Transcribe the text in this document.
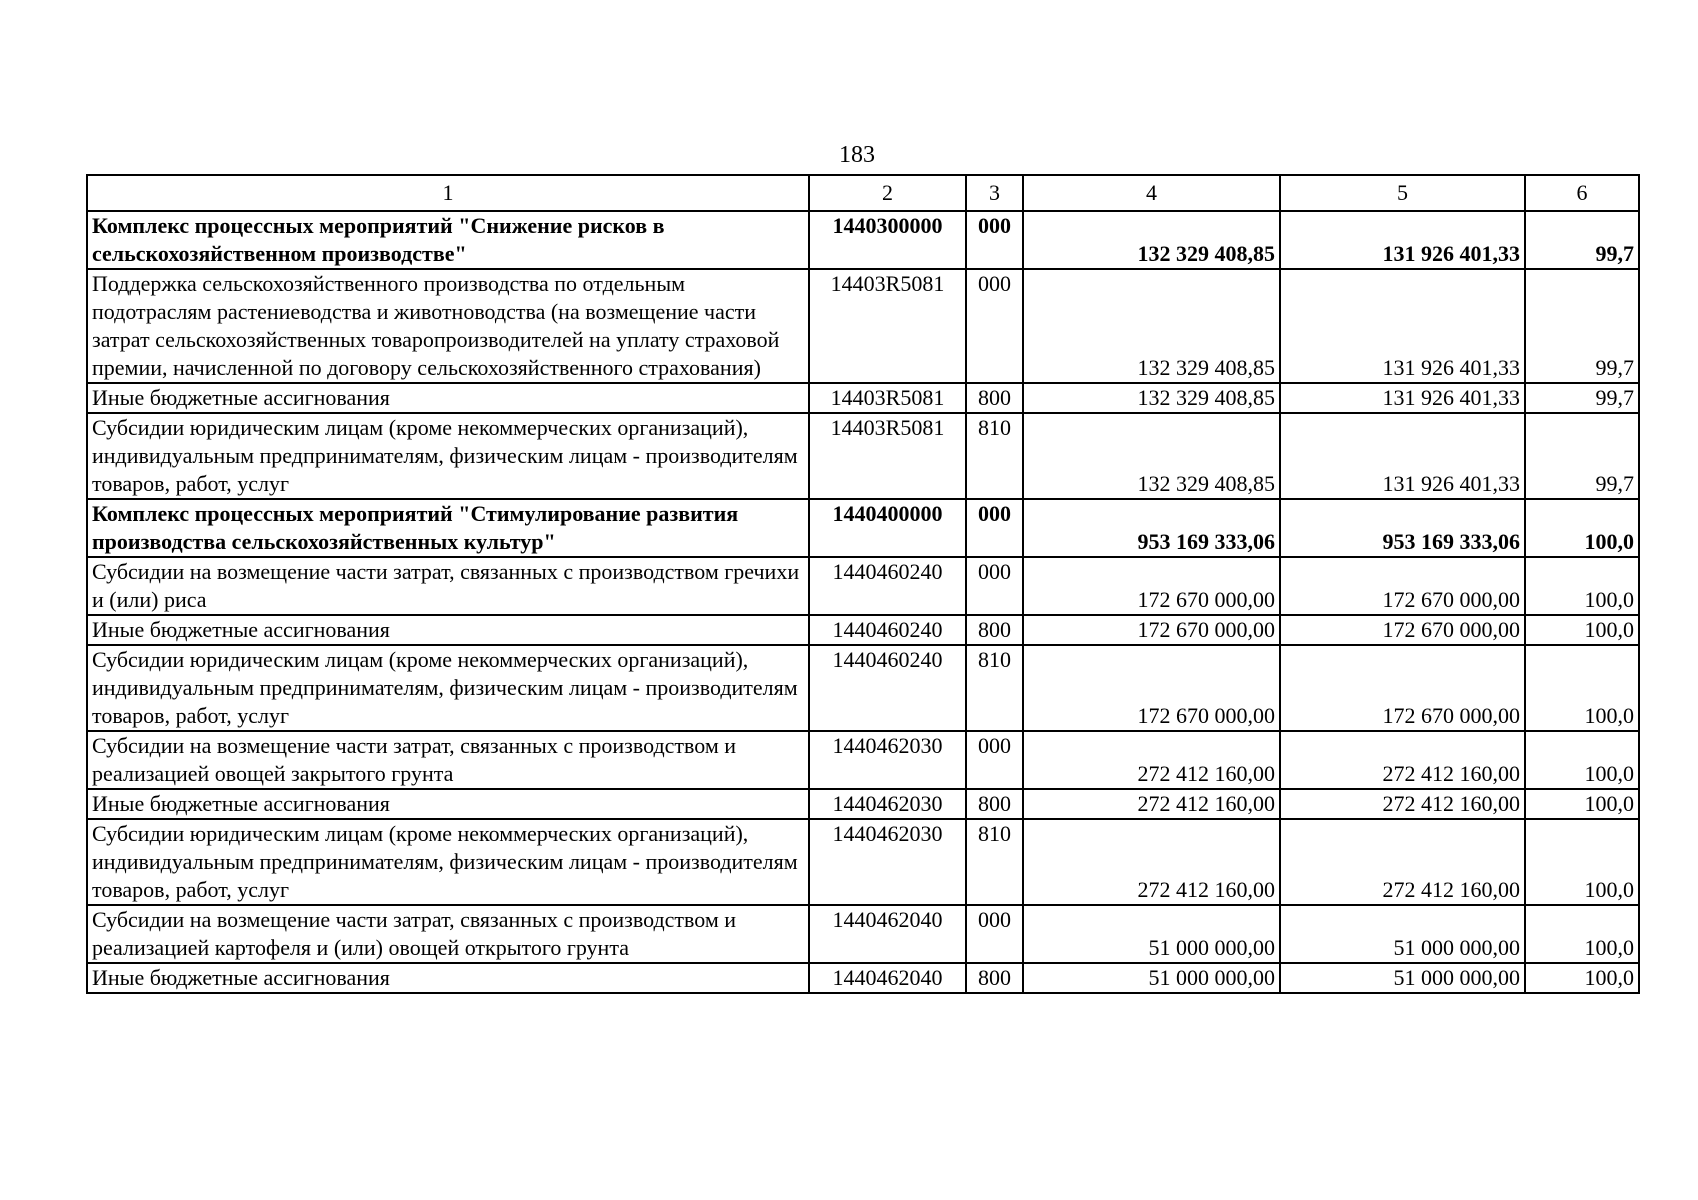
183
1	2	3	4	5	6
Комплекс процессных мероприятий "Снижение рисков в сельскохозяйственном производстве"	1440300000	000	132 329 408,85	131 926 401,33	99,7
Поддержка сельскохозяйственного производства по отдельным подотраслям растениеводства и животноводства (на возмещение части затрат сельскохозяйственных товаропроизводителей на уплату страховой премии, начисленной по договору сельскохозяйственного страхования)	14403R5081	000	132 329 408,85	131 926 401,33	99,7
Иные бюджетные ассигнования	14403R5081	800	132 329 408,85	131 926 401,33	99,7
Субсидии юридическим лицам (кроме некоммерческих организаций), индивидуальным предпринимателям, физическим лицам - производителям товаров, работ, услуг	14403R5081	810	132 329 408,85	131 926 401,33	99,7
Комплекс процессных мероприятий "Стимулирование развития производства сельскохозяйственных культур"	1440400000	000	953 169 333,06	953 169 333,06	100,0
Субсидии на возмещение части затрат, связанных с производством гречихи и (или) риса	1440460240	000	172 670 000,00	172 670 000,00	100,0
Иные бюджетные ассигнования	1440460240	800	172 670 000,00	172 670 000,00	100,0
Субсидии юридическим лицам (кроме некоммерческих организаций), индивидуальным предпринимателям, физическим лицам - производителям товаров, работ, услуг	1440460240	810	172 670 000,00	172 670 000,00	100,0
Субсидии на возмещение части затрат, связанных с производством и реализацией овощей закрытого грунта	1440462030	000	272 412 160,00	272 412 160,00	100,0
Иные бюджетные ассигнования	1440462030	800	272 412 160,00	272 412 160,00	100,0
Субсидии юридическим лицам (кроме некоммерческих организаций), индивидуальным предпринимателям, физическим лицам - производителям товаров, работ, услуг	1440462030	810	272 412 160,00	272 412 160,00	100,0
Субсидии на возмещение части затрат, связанных с производством и реализацией картофеля и (или) овощей открытого грунта	1440462040	000	51 000 000,00	51 000 000,00	100,0
Иные бюджетные ассигнования	1440462040	800	51 000 000,00	51 000 000,00	100,0
